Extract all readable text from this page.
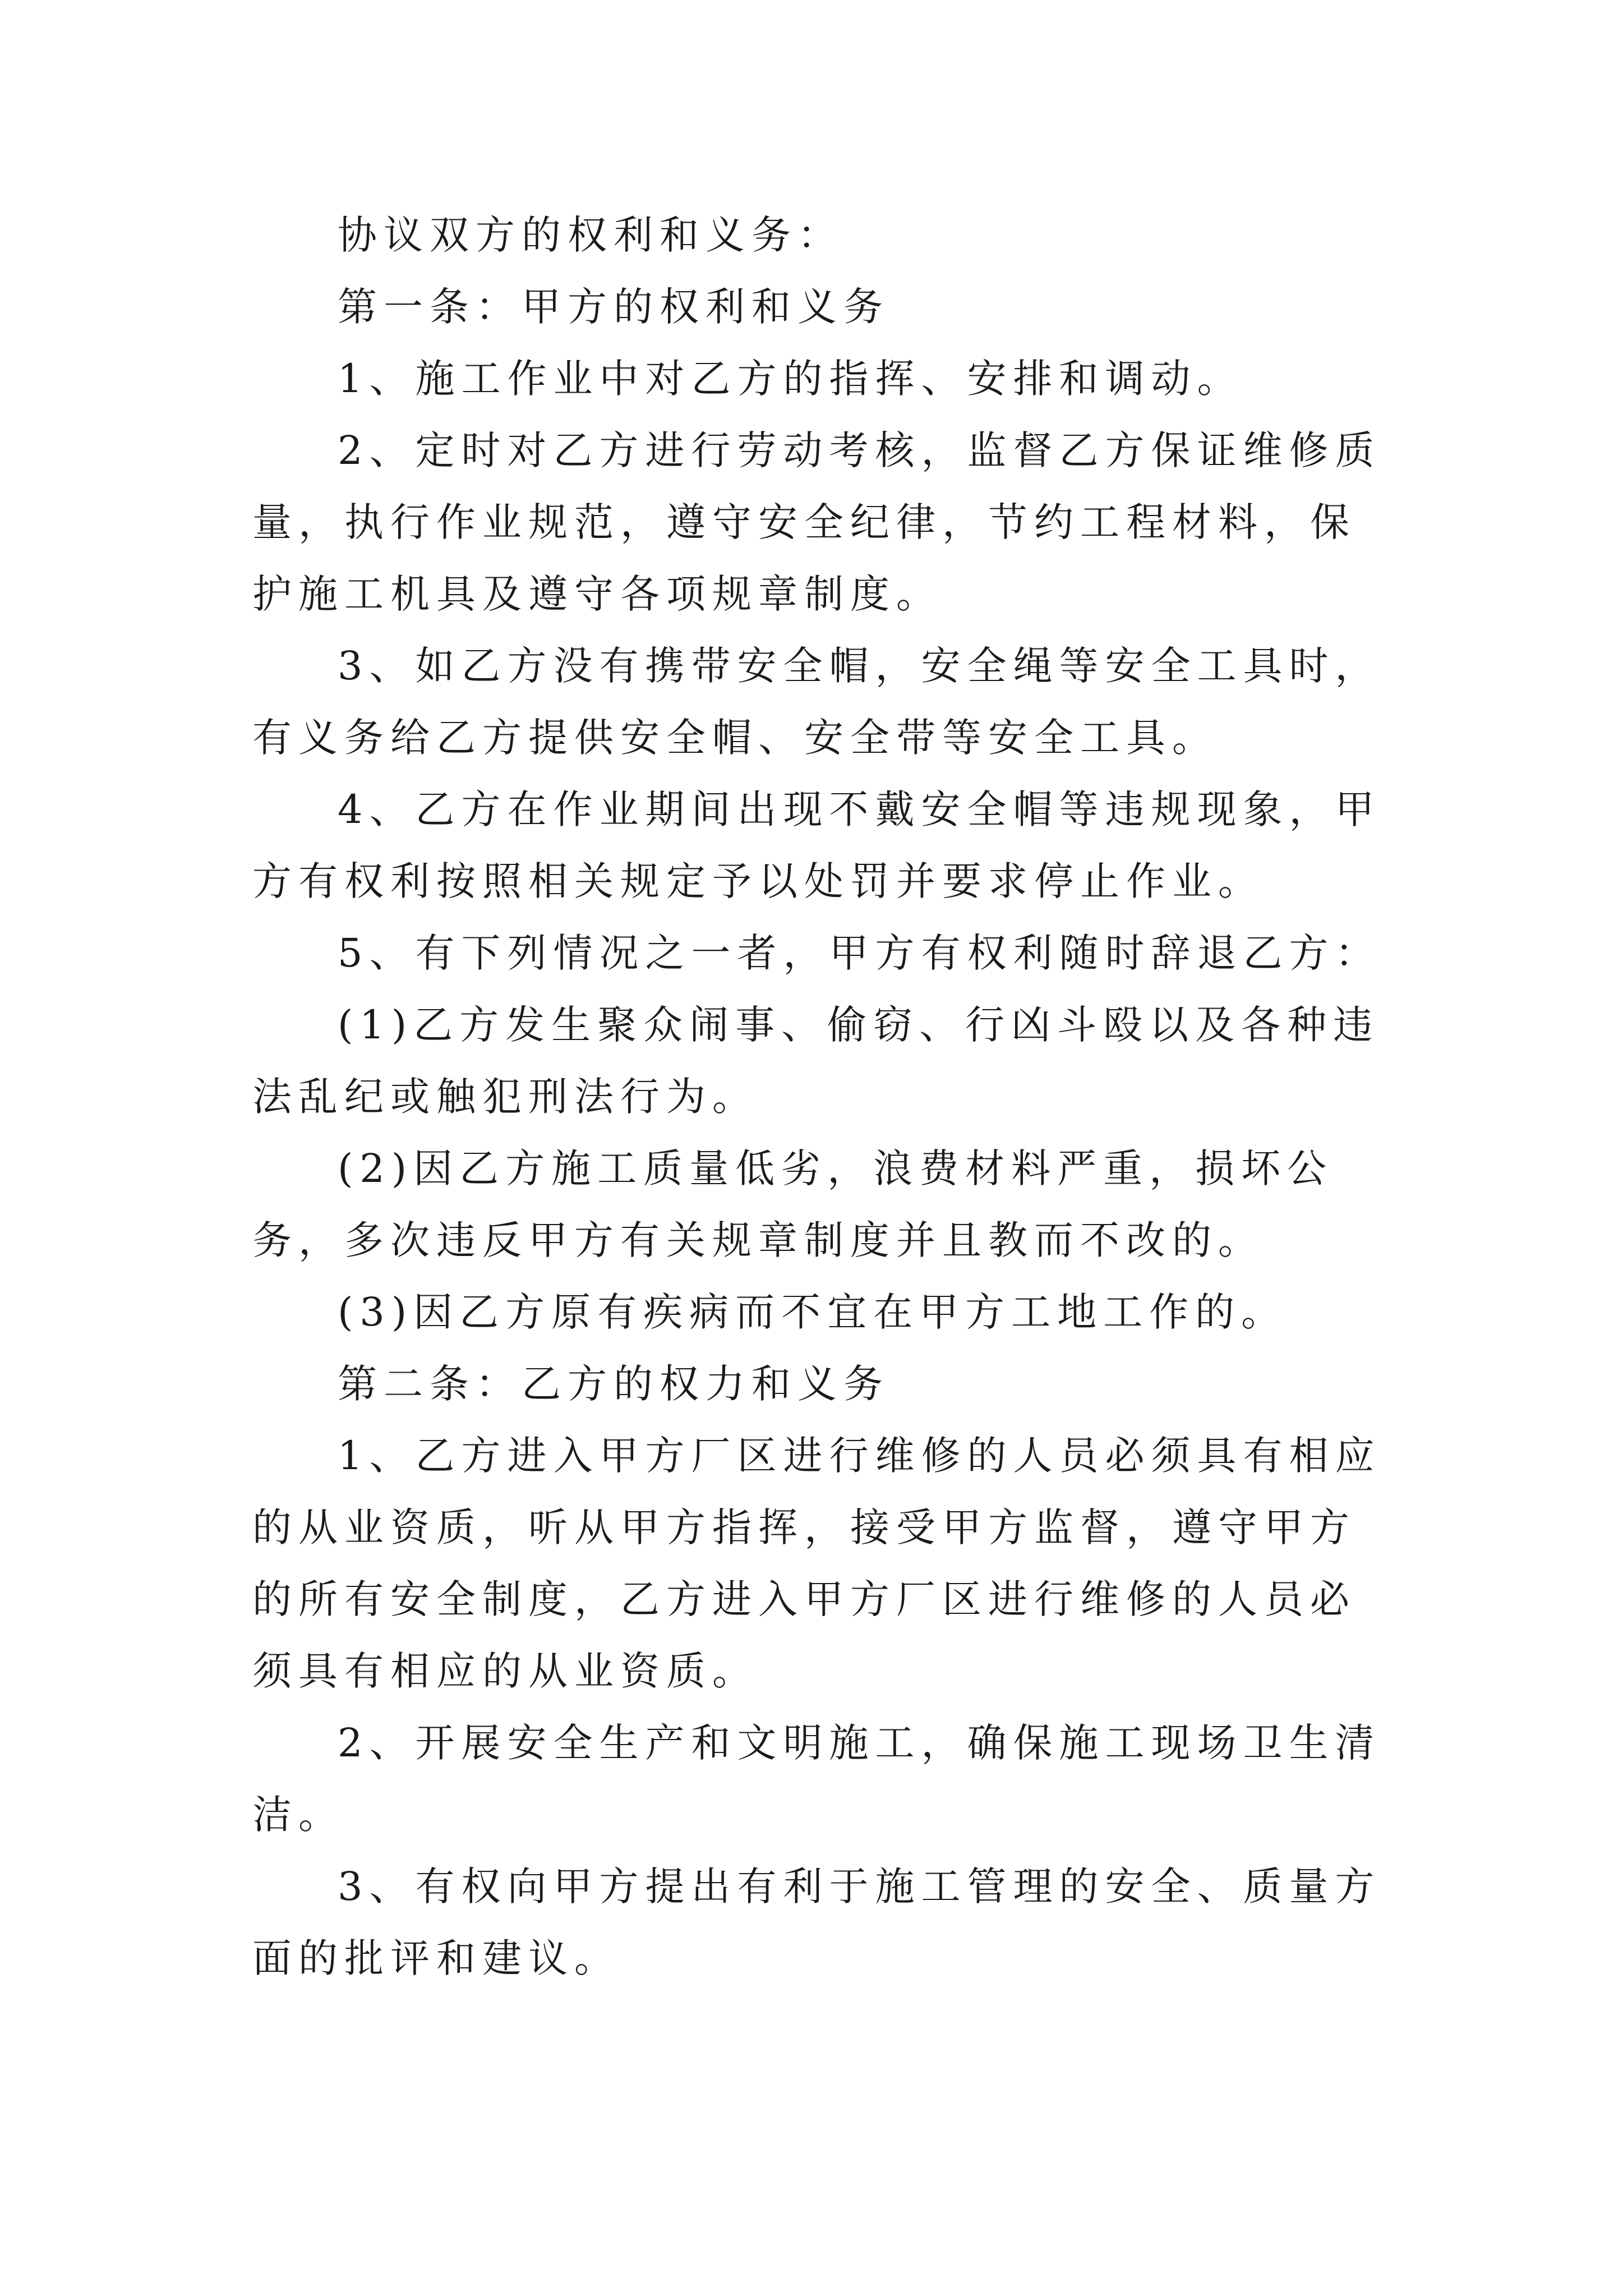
协议双方的权利和义务：

第一条：甲方的权利和义务

1、施工作业中对乙方的指挥、安排和调动。

2、定时对乙方进行劳动考核，监督乙方保证维修质量，执行作业规范，遵守安全纪律，节约工程材料，保护施工机具及遵守各项规章制度。

3、如乙方没有携带安全帽，安全绳等安全工具时，有义务给乙方提供安全帽、安全带等安全工具。

4、乙方在作业期间出现不戴安全帽等违规现象，甲方有权利按照相关规定予以处罚并要求停止作业。

5、有下列情况之一者，甲方有权利随时辞退乙方：

(1)乙方发生聚众闹事、偷窃、行凶斗殴以及各种违法乱纪或触犯刑法行为。

(2)因乙方施工质量低劣，浪费材料严重，损坏公务，多次违反甲方有关规章制度并且教而不改的。

(3)因乙方原有疾病而不宜在甲方工地工作的。

第二条：乙方的权力和义务

1、乙方进入甲方厂区进行维修的人员必须具有相应的从业资质，听从甲方指挥，接受甲方监督，遵守甲方的所有安全制度，乙方进入甲方厂区进行维修的人员必须具有相应的从业资质。

2、开展安全生产和文明施工，确保施工现场卫生清洁。

3、有权向甲方提出有利于施工管理的安全、质量方面的批评和建议。
